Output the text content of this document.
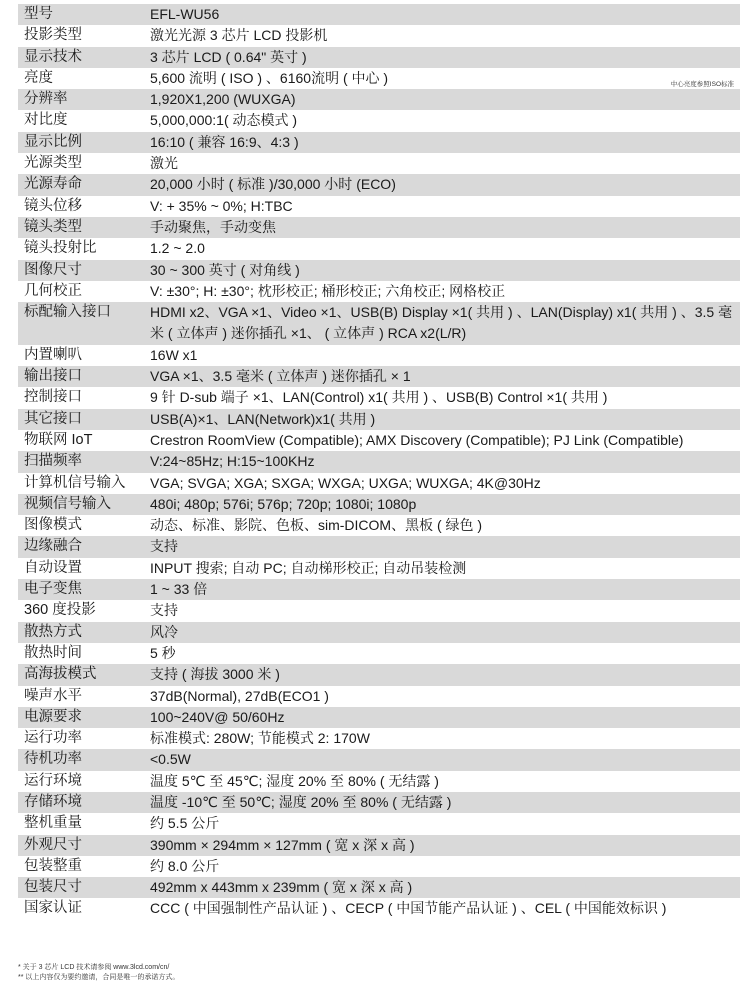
型号	EFL-WU56
投影类型	激光光源 3 芯片 LCD 投影机
显示技术	3 芯片 LCD ( 0.64" 英寸 )
亮度	5,600 流明 ( ISO ) 、6160流明 ( 中心 ) 中心亮度参照ISO标准

分辨率	1,920X1,200 (WUXGA)
对比度	5,000,000:1( 动态模式 )
显示比例	16:10 ( 兼容 16:9、4:3 )
光源类型	激光
光源寿命	20,000 小时 ( 标准 )/30,000 小时 (ECO)
镜头位移	V: + 35% ~ 0%; H:TBC
镜头类型	手动聚焦，手动变焦
镜头投射比	1.2 ~ 2.0
图像尺寸	30 ~ 300 英寸 ( 对角线 )
几何校正	V: ±30°; H: ±30°; 枕形校正; 桶形校正; 六角校正; 网格校正
标配输入接口	HDMI x2、VGA ×1、Video ×1、USB(B) Display ×1( 共用 ) 、LAN(Display) x1( 共用 ) 、3.5 毫米 ( 立体声 ) 迷你插孔 ×1、 ( 立体声 ) RCA x2(L/R)
内置喇叭	16W x1
输出接口	VGA ×1、3.5 毫米 ( 立体声 ) 迷你插孔 × 1
控制接口	9 针 D-sub 端子 ×1、LAN(Control) x1( 共用 ) 、USB(B) Control ×1( 共用 )
其它接口	USB(A)×1、LAN(Network)x1( 共用 )
物联网 IoT	Crestron RoomView (Compatible); AMX Discovery (Compatible); PJ Link (Compatible)
扫描频率	V:24~85Hz; H:15~100KHz
计算机信号输入	VGA; SVGA; XGA; SXGA; WXGA; UXGA; WUXGA; 4K@30Hz
视频信号输入	480i; 480p; 576i; 576p; 720p; 1080i; 1080p
图像模式	动态、标准、影院、色板、sim-DICOM、黑板 ( 绿色 )
边缘融合	支持
自动设置	INPUT 搜索; 自动 PC; 自动梯形校正; 自动吊装检测
电子变焦	1 ~ 33 倍
360 度投影	支持
散热方式	风冷
散热时间	5 秒
高海拔模式	支持 ( 海拔 3000 米 )
噪声水平	37dB(Normal), 27dB(ECO1 )
电源要求	100~240V@ 50/60Hz
运行功率	标准模式: 280W; 节能模式 2: 170W
待机功率	<0.5W
运行环境	温度 5℃ 至 45℃; 湿度 20% 至 80% ( 无结露 )
存储环境	温度 -10℃ 至 50℃; 湿度 20% 至 80% ( 无结露 )
整机重量	约 5.5 公斤
外观尺寸	390mm × 294mm × 127mm ( 宽 x 深 x 高 )
包装整重	约 8.0 公斤
包装尺寸	492mm x 443mm x 239mm ( 宽 x 深 x 高 )
国家认证	CCC ( 中国强制性产品认证 ) 、CECP ( 中国节能产品认证 ) 、CEL ( 中国能效标识 )
* 关于 3 芯片 LCD 技术请参阅 www.3lcd.com/cn/
** 以上内容仅为要约邀请，合同是唯一的承诺方式。
